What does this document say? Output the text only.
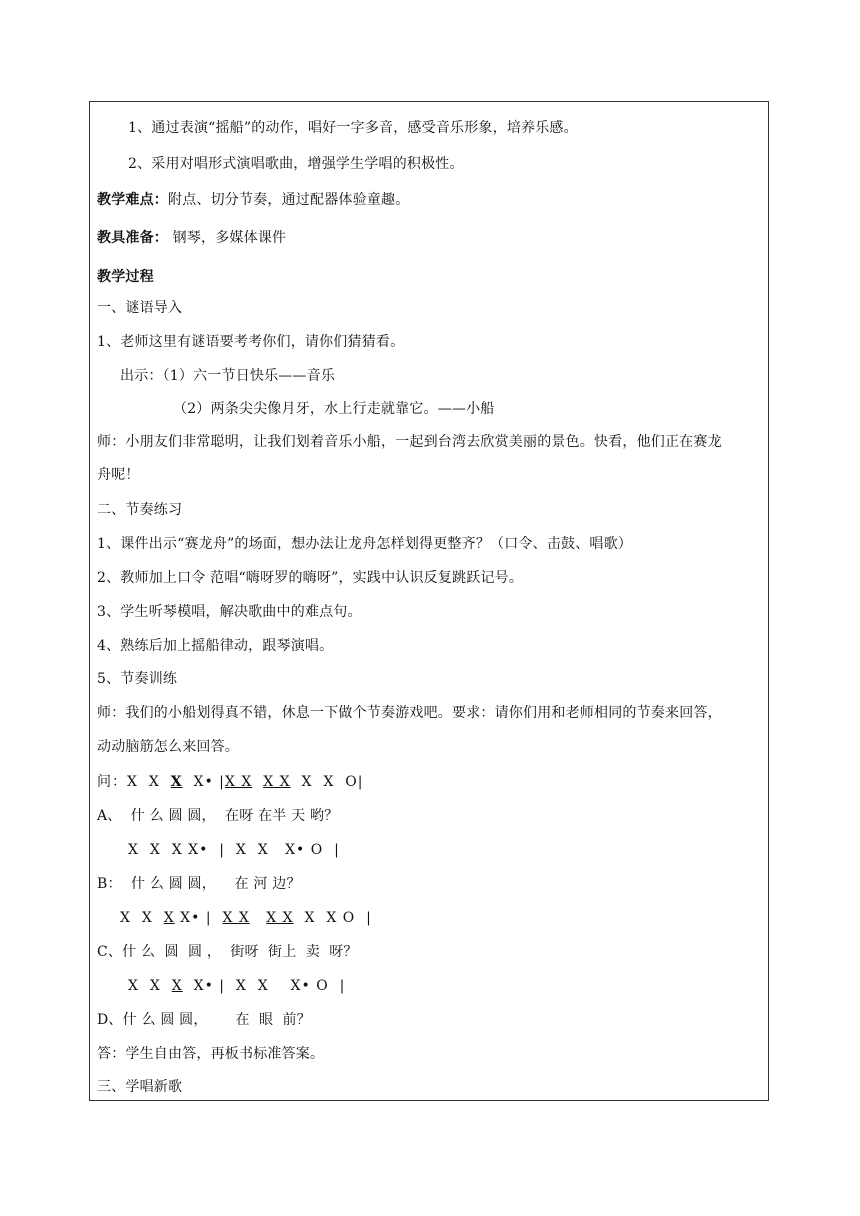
1、通过表演“摇船”的动作，唱好一字多音，感受音乐形象，培养乐感。
2、采用对唱形式演唱歌曲，增强学生学唱的积极性。
教学难点：附点、切分节奏，通过配器体验童趣。
教具准备： 钢琴，多媒体课件
教学过程
一、谜语导入
1、老师这里有谜语要考考你们，请你们猜猜看。
出示：（1）六一节日快乐——音乐
（2）两条尖尖像月牙，水上行走就靠它。——小船
师：小朋友们非常聪明，让我们划着音乐小船，一起到台湾去欣赏美丽的景色。快看，他们正在赛龙
舟呢！
二、节奏练习
1、课件出示“赛龙舟”的场面，想办法让龙舟怎样划得更整齐？（口令、击鼓、唱歌）
2、教师加上口令 范唱“嗨呀罗的嗨呀”，实践中认识反复跳跃记号。
3、学生听琴模唱，解决歌曲中的难点句。
4、熟练后加上摇船律动，跟琴演唱。
5、节奏训练
师：我们的小船划得真不错，休息一下做个节奏游戏吧。要求：请你们用和老师相同的节奏来回答，
动动脑筋怎么来回答。
问：X  X  X  X• |X X X X  X  X  O|
A、  什 么 圆 圆，  在呀 在半 天 哟？
X  X  X X•  |  X  X   X• O  |
B：  什 么 圆 圆，    在 河 边？
X  X  X X• |  X X X X  X  X O  |
C、什 么  圆  圆 ，  街呀  街上  卖  呀？
X  X  X  X• |  X  X    X• O  |
D、什 么 圆 圆，      在  眼  前？
答：学生自由答，再板书标准答案。
三、学唱新歌
